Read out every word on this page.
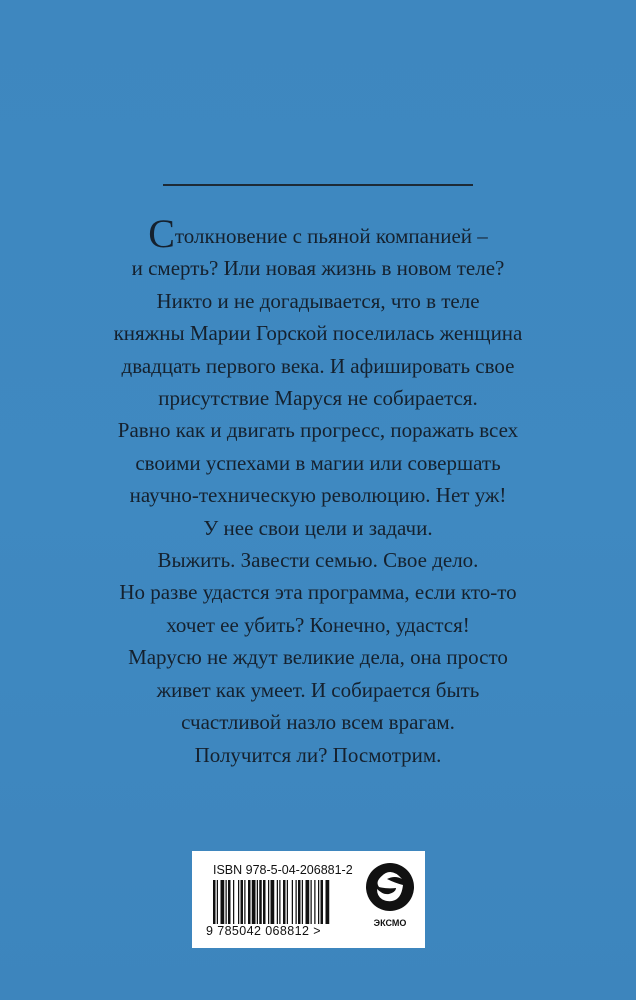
Столкновение с пьяной компанией –
и смерть? Или новая жизнь в новом теле?
Никто и не догадывается, что в теле
княжны Марии Горской поселилась женщина
двадцать первого века. И афишировать свое
присутствие Маруся не собирается.
Равно как и двигать прогресс, поражать всех
своими успехами в магии или совершать
научно-техническую революцию. Нет уж!
У нее свои цели и задачи.
Выжить. Завести семью. Свое дело.
Но разве удастся эта программа, если кто-то
хочет ее убить? Конечно, удастся!
Марусю не ждут великие дела, она просто
живет как умеет. И собирается быть
счастливой назло всем врагам.
Получится ли? Посмотрим.
ISBN 978-5-04-206881-2
9 785042 068812 >
ЭКСМО
